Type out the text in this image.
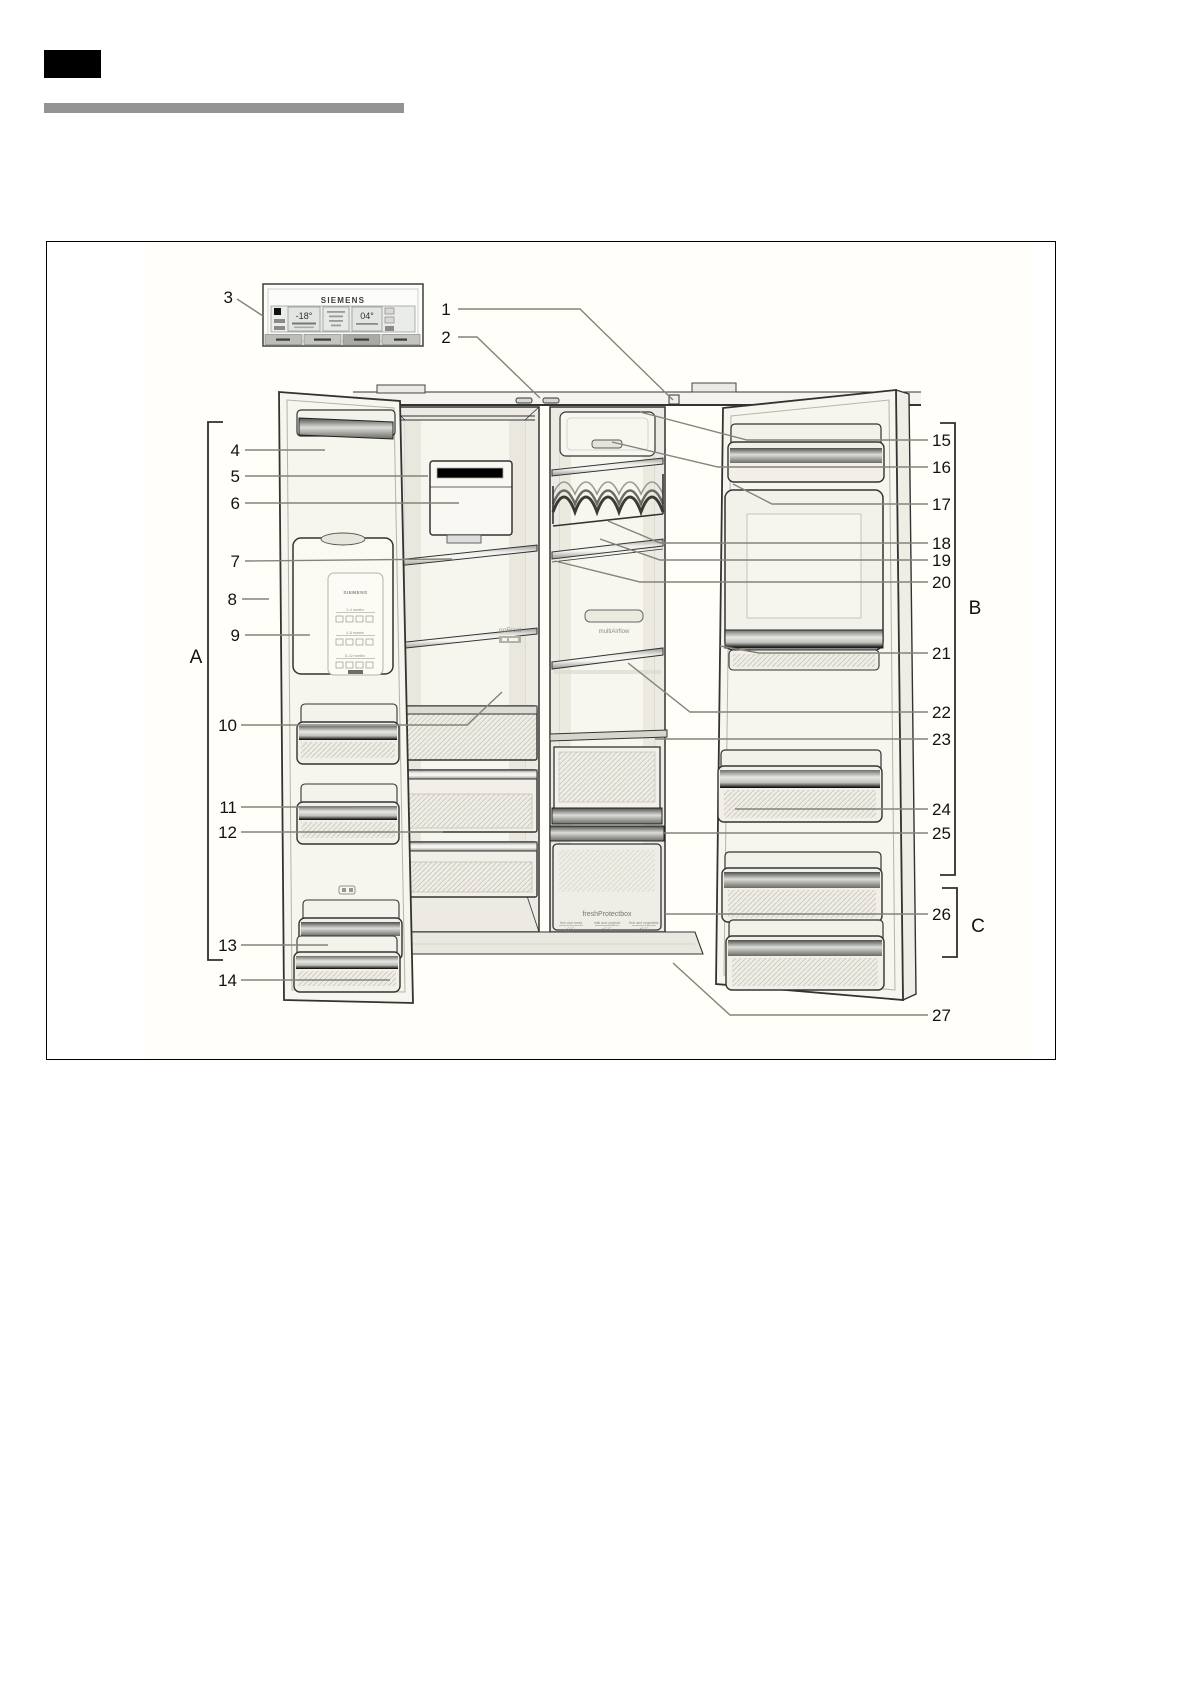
SIEMENS
-18°	04°
noFrost	multiAirflow
freshProtectbox
fish and meat	milk and yoghurt	fruit and vegetable
0 °C	+2 °C	+5 °C
SIEMENS
1–4 months
4–8 months
8–12 months
1
2
3
4
5
6
7
8
9
10
11
12
13
14
15
16
17
18
19
20
21
22
23
24
25
26
27
A
B
C
